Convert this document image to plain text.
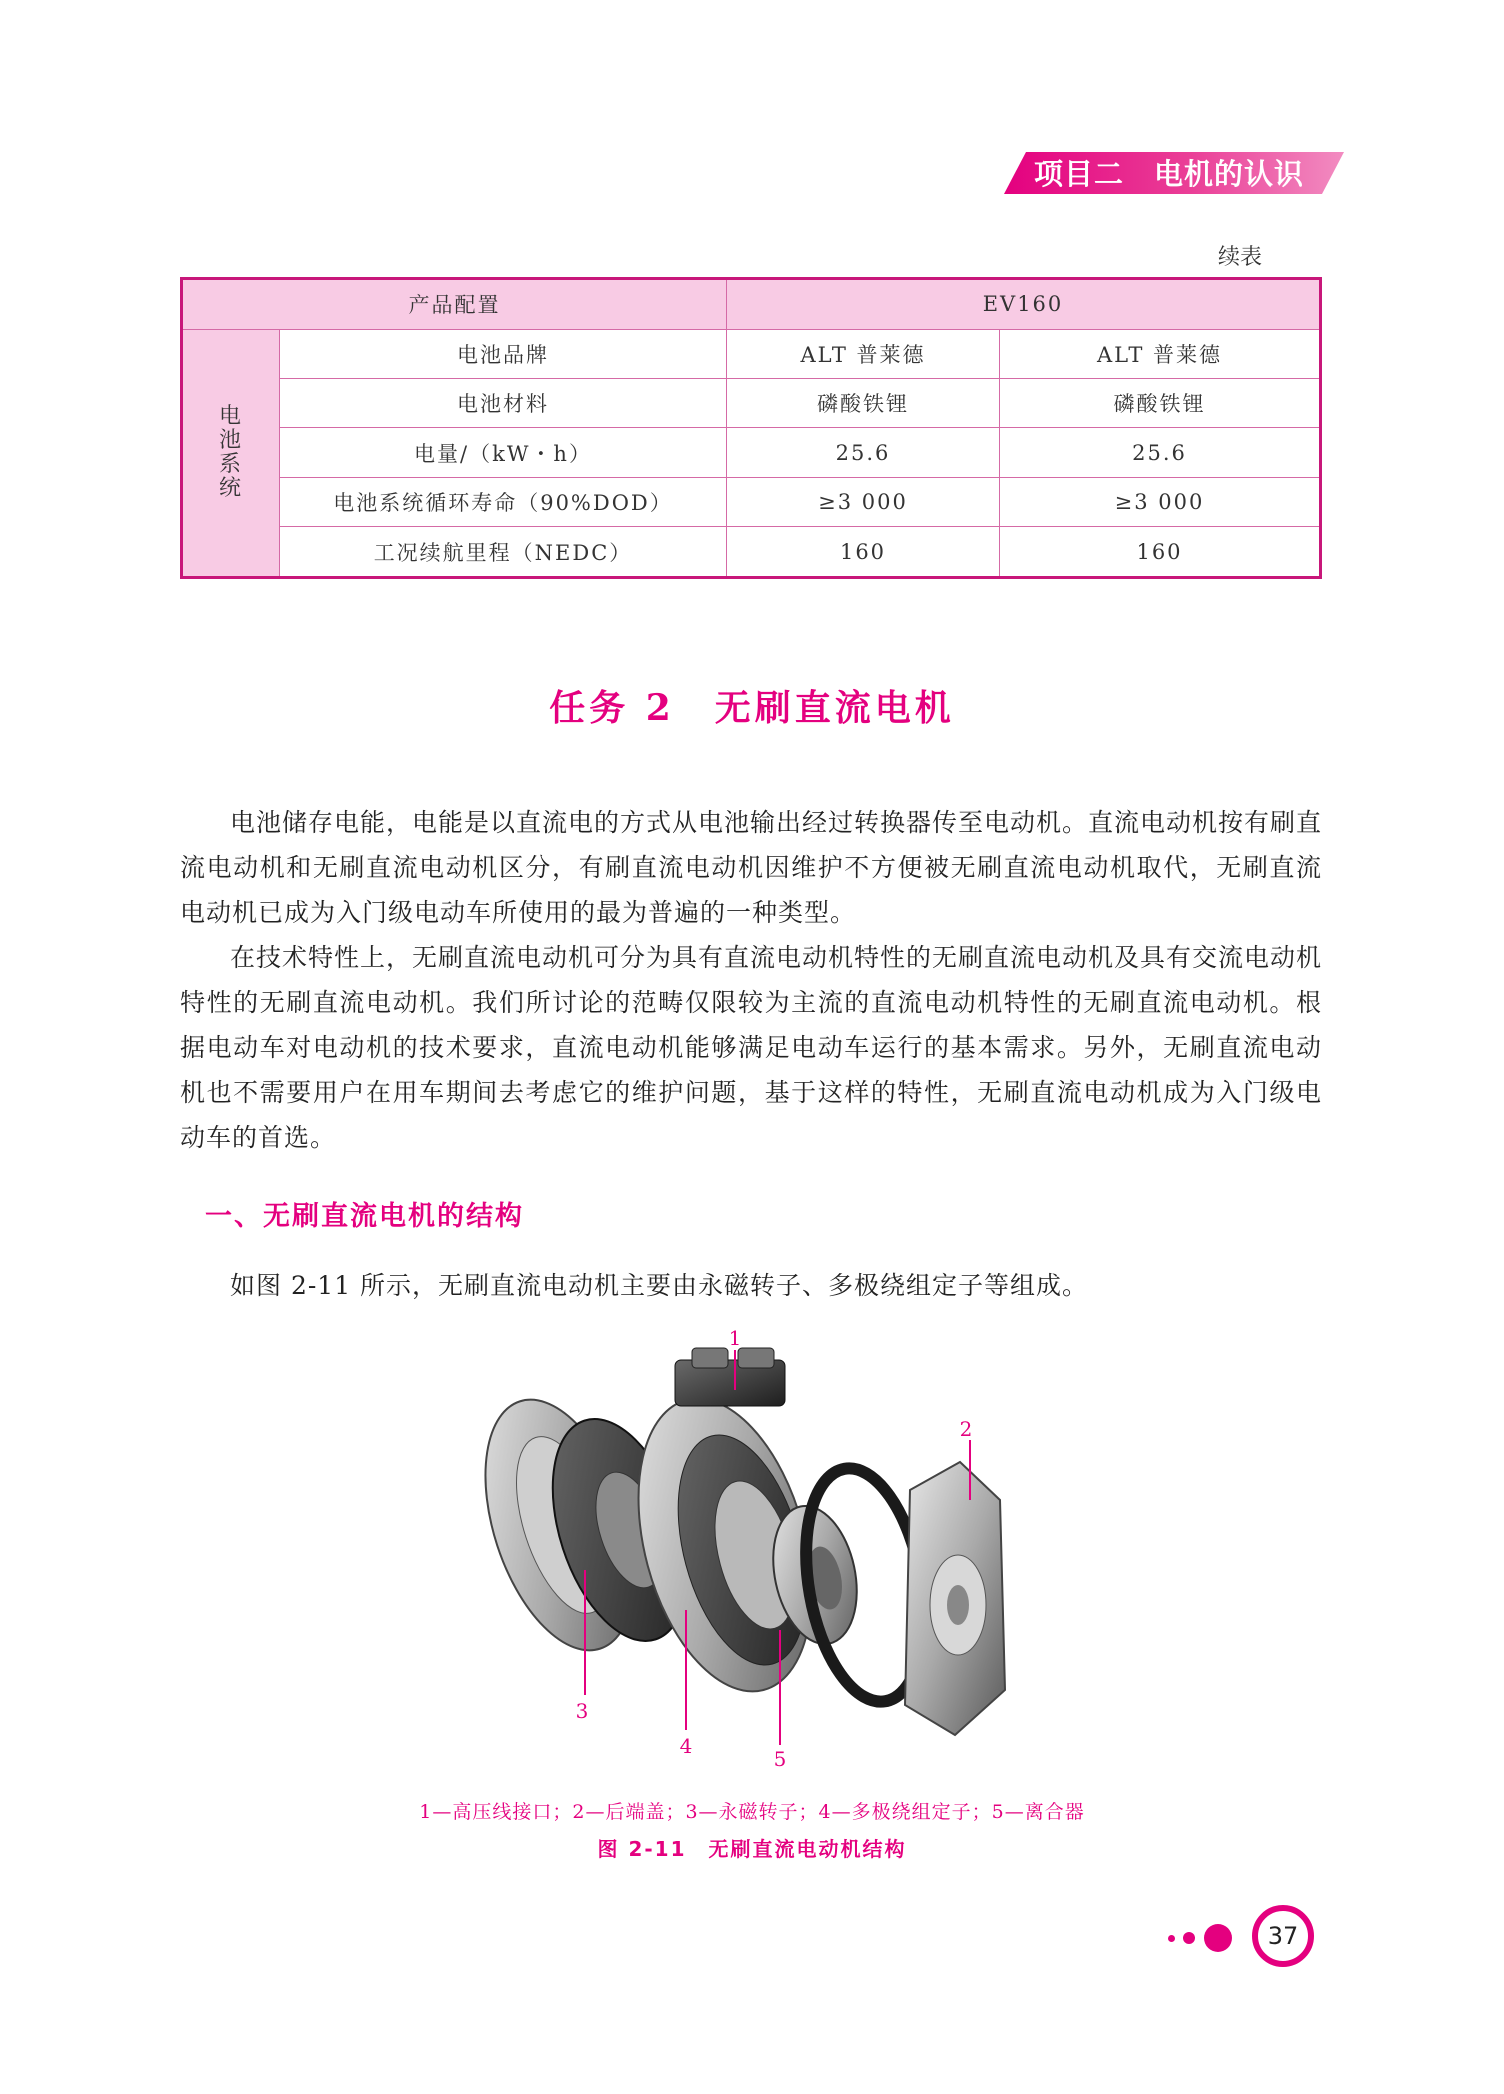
项目二　电机的认识
续表
产品配置		EV160	
电池系统	电池品牌	ALT 普莱德	ALT 普莱德
	电池材料	磷酸铁锂	磷酸铁锂
	电量/（kW・h）	25.6	25.6
	电池系统循环寿命（90%DOD）	≥3 000	≥3 000
	工况续航里程（NEDC）	160	160
任务 2　无刷直流电机
电池储存电能，电能是以直流电的方式从电池输出经过转换器传至电动机。直流电动机按有刷直流电动机和无刷直流电动机区分，有刷直流电动机因维护不方便被无刷直流电动机取代，无刷直流电动机已成为入门级电动车所使用的最为普遍的一种类型。
在技术特性上，无刷直流电动机可分为具有直流电动机特性的无刷直流电动机及具有交流电动机特性的无刷直流电动机。我们所讨论的范畴仅限较为主流的直流电动机特性的无刷直流电动机。根据电动车对电动机的技术要求，直流电动机能够满足电动车运行的基本需求。另外，无刷直流电动机也不需要用户在用车期间去考虑它的维护问题，基于这样的特性，无刷直流电动机成为入门级电动车的首选。
一、无刷直流电机的结构
如图 2-11 所示，无刷直流电动机主要由永磁转子、多极绕组定子等组成。
1
2
3
4
5
1—高压线接口；2—后端盖；3—永磁转子；4—多极绕组定子；5—离合器
图 2-11 无刷直流电动机结构
37
